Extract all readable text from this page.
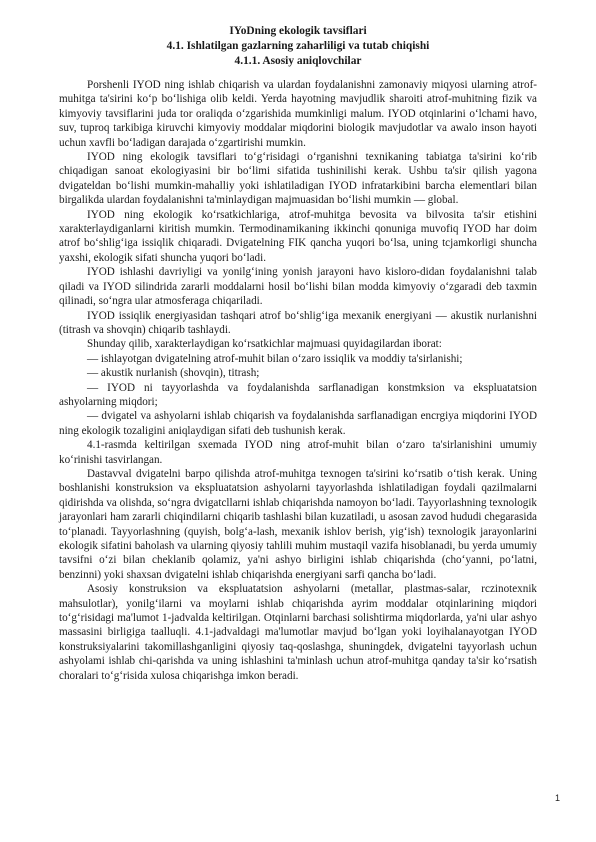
IYoDning ekologik tavsiflari
4.1. Ishlatilgan gazlarning zaharliligi va tutab chiqishi
4.1.1. Asosiy aniqlovchilar

Porshenli IYOD ning ishlab chiqarish va ulardan foydalanishni zamonaviy miqyosi ularning atrof-muhitga ta'sirini ko‘p bo‘lishiga olib keldi. Yerda hayotning mavjudlik sharoiti atrof-muhitning fizik va kimyoviy tavsiflarini juda tor oraliqda o‘zgarishida mumkinligi malum. IYOD otqinlarini o‘lchami havo, suv, tuproq tarkibiga kiruvchi kimyoviy moddalar miqdorini biologik mavjudotlar va awalo inson hayoti uchun xavfli bo‘ladigan darajada o‘zgartirishi mumkin.

IYOD ning ekologik tavsiflari to‘g‘risidagi o‘rganishni texnikaning tabiatga ta'sirini ko‘rib chiqadigan sanoat ekologiyasini bir bo‘limi sifatida tushinilishi kerak. Ushbu ta'sir qilish yagona dvigateldan bo‘lishi mumkin-mahalliy yoki ishlatiladigan IYOD infratarkibini barcha elementlari bilan birgalikda ulardan foydalanishni ta'minlaydigan majmuasidan bo‘lishi mumkin — global.

IYOD ning ekologik ko‘rsatkichlariga, atrof-muhitga bevosita va bilvosita ta'sir etishini xarakterlaydiganlarni kiritish mumkin. Termodinamikaning ikkinchi qonuniga muvofiq IYOD har doim atrof bo‘shlig‘iga issiqlik chiqaradi. Dvigatelning FIK qancha yuqori bo‘lsa, uning tcjamkorligi shuncha yaxshi, ekologik sifati shuncha yuqori bo‘ladi.

IYOD ishlashi davriyligi va yonilg‘ining yonish jarayoni havo kisloro-didan foydalanishni talab qiladi va IYOD silindrida zararli moddalarni hosil bo‘lishi bilan modda kimyoviy o‘zgaradi deb taxmin qilinadi, so‘ngra ular atmosferaga chiqariladi.

IYOD issiqlik energiyasidan tashqari atrof bo‘shlig‘iga mexanik energiyani — akustik nurlanishni (titrash va shovqin) chiqarib tashlaydi.

Shunday qilib, xarakterlaydigan ko‘rsatkichlar majmuasi quyidagilardan iborat:

— ishlayotgan dvigatelning atrof-muhit bilan o‘zaro issiqlik va moddiy ta'sirlanishi;

— akustik nurlanish (shovqin), titrash;

— IYOD ni tayyorlashda va foydalanishda sarflanadigan konstmksion va ekspluatatsion ashyolarning miqdori;

— dvigatel va ashyolarni ishlab chiqarish va foydalanishda sarflanadigan encrgiya miqdorini IYOD ning ekologik tozaligini aniqlaydigan sifati deb tushunish kerak.

4.1-rasmda keltirilgan sxemada IYOD ning atrof-muhit bilan o‘zaro ta'sirlanishini umumiy ko‘rinishi tasvirlangan.

Dastavval dvigatelni barpo qilishda atrof-muhitga texnogen ta'sirini ko‘rsatib o‘tish kerak. Uning boshlanishi konstruksion va ekspluatatsion ashyolarni tayyorlashda ishlatiladigan foydali qazilmalarni qidirishda va olishda, so‘ngra dvigatcllarni ishlab chiqarishda namoyon bo‘ladi. Tayyorlashning texnologik jarayonlari ham zararli chiqindilarni chiqarib tashlashi bilan kuzatiladi, u asosan zavod hududi chegarasida to‘planadi. Tayyorlashning (quyish, bolg‘a-lash, mexanik ishlov berish, yig‘ish) texnologik jarayonlarini ekologik sifatini baholash va ularning qiyosiy tahlili muhim mustaqil vazifa hisoblanadi, bu yerda umumiy tavsifni o‘zi bilan cheklanib qolamiz, ya'ni ashyo birligini ishlab chiqarishda (cho‘yanni, po‘latni, benzinni) yoki shaxsan dvigatelni ishlab chiqarishda energiyani sarfi qancha bo‘ladi.

Asosiy konstruksion va ekspluatatsion ashyolarni (metallar, plastmas-salar, rczinotexnik mahsulotlar), yonilg‘ilarni va moylarni ishlab chiqarishda ayrim moddalar otqinlarining miqdori to‘g‘risidagi ma'lumot 1-jadvalda keltirilgan. Otqinlarni barchasi solishtirma miqdorlarda, ya'ni ular ashyo massasini birligiga taalluqli. 4.1-jadvaldagi ma'lumotlar mavjud bo‘lgan yoki loyihalanayotgan IYOD konstruksiyalarini takomillashganligini qiyosiy taq-qoslashga, shuningdek, dvigatelni tayyorlash uchun ashyolami ishlab chi-qarishda va uning ishlashini ta'minlash uchun atrof-muhitga qanday ta'sir ko‘rsatish choralari to‘g‘risida xulosa chiqarishga imkon beradi.

1
